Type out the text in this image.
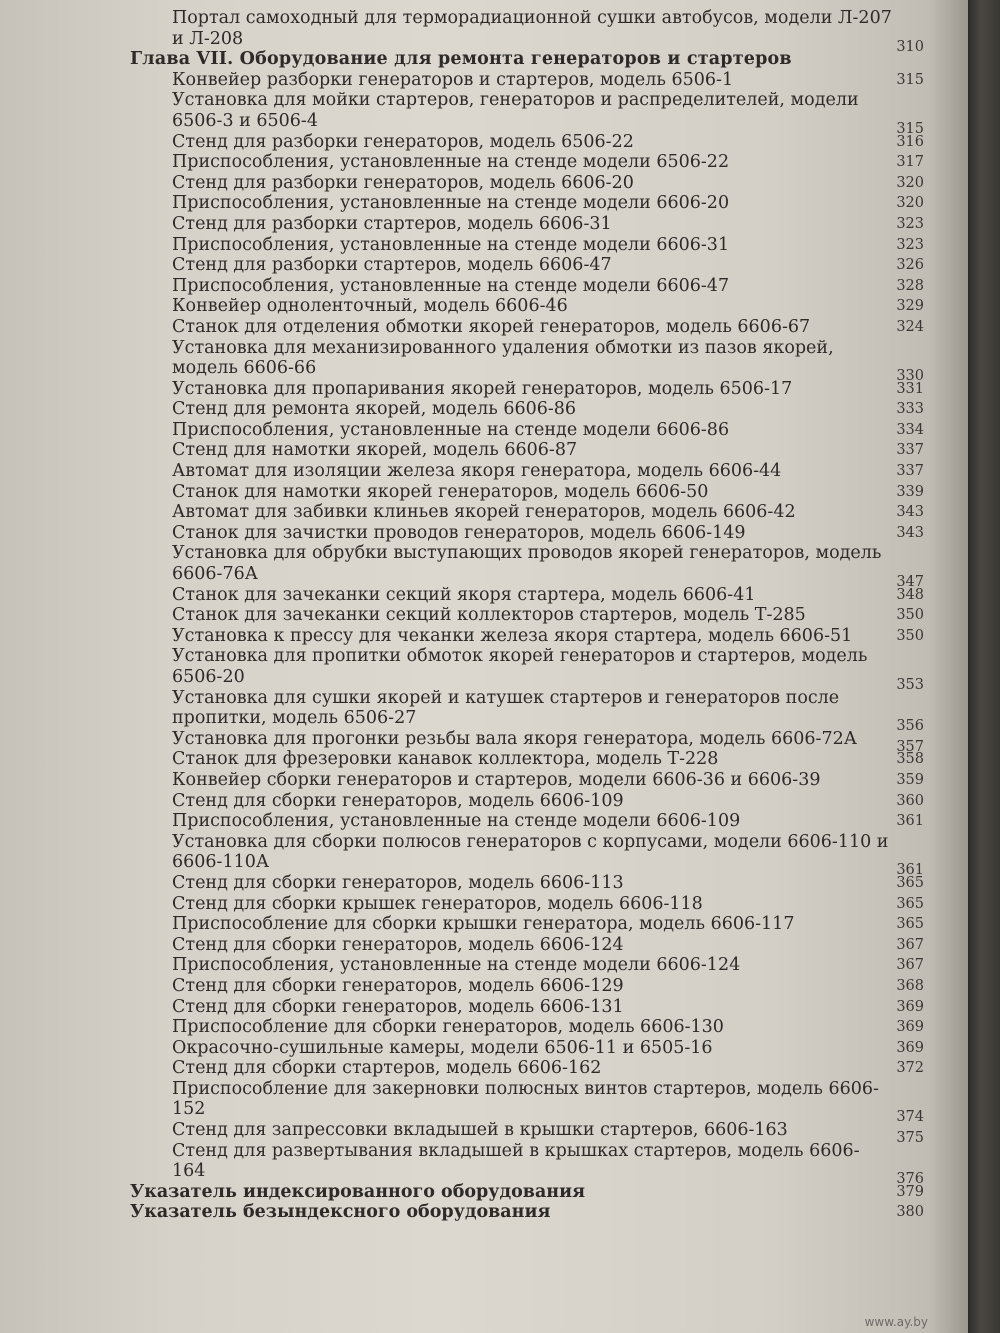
Портал самоходный для терморадиационной сушки автобусов, модели Л-207 и Л-208	310
Глава VII. Оборудование для ремонта генераторов и стартеров
Конвейер разборки генераторов и стартеров, модель 6506-1	315
Установка для мойки стартеров, генераторов и распределителей, модели 6506-3 и 6506-4	315
Стенд для разборки генераторов, модель 6506-22	316
Приспособления, установленные на стенде модели 6506-22	317
Стенд для разборки генераторов, модель 6606-20	320
Приспособления, установленные на стенде модели 6606-20	320
Стенд для разборки стартеров, модель 6606-31	323
Приспособления, установленные на стенде модели 6606-31	323
Стенд для разборки стартеров, модель 6606-47	326
Приспособления, установленные на стенде модели 6606-47	328
Конвейер одноленточный, модель 6606-46	329
Станок для отделения обмотки якорей генераторов, модель 6606-67	324
Установка для механизированного удаления обмотки из пазов якорей, модель 6606-66	330
Установка для пропаривания якорей генераторов, модель 6506-17	331
Стенд для ремонта якорей, модель 6606-86	333
Приспособления, установленные на стенде модели 6606-86	334
Стенд для намотки якорей, модель 6606-87	337
Автомат для изоляции железа якоря генератора, модель 6606-44	337
Станок для намотки якорей генераторов, модель 6606-50	339
Автомат для забивки клиньев якорей генераторов, модель 6606-42	343
Станок для зачистки проводов генераторов, модель 6606-149	343
Установка для обрубки выступающих проводов якорей генераторов, модель 6606-76А	347
Станок для зачеканки секций якоря стартера, модель 6606-41	348
Станок для зачеканки секций коллекторов стартеров, модель Т-285	350
Установка к прессу для чеканки железа якоря стартера, модель 6606-51	350
Установка для пропитки обмоток якорей генераторов и стартеров, модель 6506-20	353
Установка для сушки якорей и катушек стартеров и генераторов после пропитки, модель 6506-27	356
Установка для прогонки резьбы вала якоря генератора, модель 6606-72А	357
Станок для фрезеровки канавок коллектора, модель Т-228	358
Конвейер сборки генераторов и стартеров, модели 6606-36 и 6606-39	359
Стенд для сборки генераторов, модель 6606-109	360
Приспособления, установленные на стенде модели 6606-109	361
Установка для сборки полюсов генераторов с корпусами, модели 6606-110 и 6606-110А	361
Стенд для сборки генераторов, модель 6606-113	365
Стенд для сборки крышек генераторов, модель 6606-118	365
Приспособление для сборки крышки генератора, модель 6606-117	365
Стенд для сборки генераторов, модель 6606-124	367
Приспособления, установленные на стенде модели 6606-124	367
Стенд для сборки генераторов, модель 6606-129	368
Стенд для сборки генераторов, модель 6606-131	369
Приспособление для сборки генераторов, модель 6606-130	369
Окрасочно-сушильные камеры, модели 6506-11 и 6505-16	369
Стенд для сборки стартеров, модель 6606-162	372
Приспособление для закерновки полюсных винтов стартеров, модель 6606-152	374
Стенд для запрессовки вкладышей в крышки стартеров, 6606-163	375
Стенд для развертывания вкладышей в крышках стартеров, модель 6606-164	376
Указатель индексированного оборудования	379
Указатель безындексного оборудования	380
www.ay.by
